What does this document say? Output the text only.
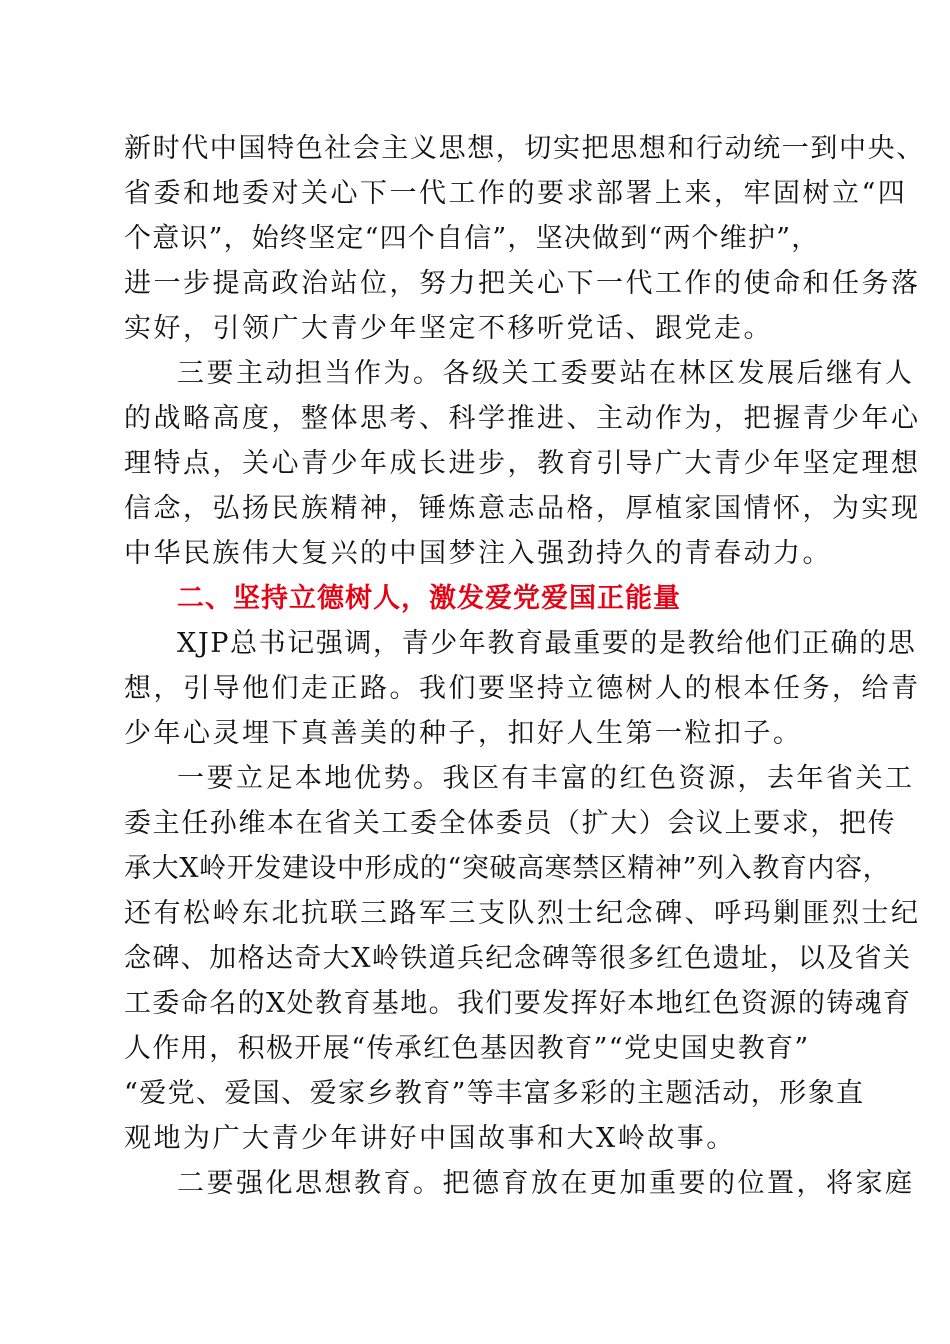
新时代中国特色社会主义思想，切实把思想和行动统一到中央、
省委和地委对关心下一代工作的要求部署上来，牢固树立“四
个意识”，始终坚定“四个自信”，坚决做到“两个维护”，
进一步提高政治站位，努力把关心下一代工作的使命和任务落
实好，引领广大青少年坚定不移听党话、跟党走。
三要主动担当作为。各级关工委要站在林区发展后继有人
的战略高度，整体思考、科学推进、主动作为，把握青少年心
理特点，关心青少年成长进步，教育引导广大青少年坚定理想
信念，弘扬民族精神，锤炼意志品格，厚植家国情怀，为实现
中华民族伟大复兴的中国梦注入强劲持久的青春动力。
二、坚持立德树人，激发爱党爱国正能量
XJP总书记强调，青少年教育最重要的是教给他们正确的思
想，引导他们走正路。我们要坚持立德树人的根本任务，给青
少年心灵埋下真善美的种子，扣好人生第一粒扣子。
一要立足本地优势。我区有丰富的红色资源，去年省关工
委主任孙维本在省关工委全体委员（扩大）会议上要求，把传
承大X岭开发建设中形成的“突破高寒禁区精神”列入教育内容，
还有松岭东北抗联三路军三支队烈士纪念碑、呼玛剿匪烈士纪
念碑、加格达奇大X岭铁道兵纪念碑等很多红色遗址，以及省关
工委命名的X处教育基地。我们要发挥好本地红色资源的铸魂育
人作用，积极开展“传承红色基因教育”“党史国史教育”
“爱党、爱国、爱家乡教育”等丰富多彩的主题活动，形象直
观地为广大青少年讲好中国故事和大X岭故事。
二要强化思想教育。把德育放在更加重要的位置，将家庭
